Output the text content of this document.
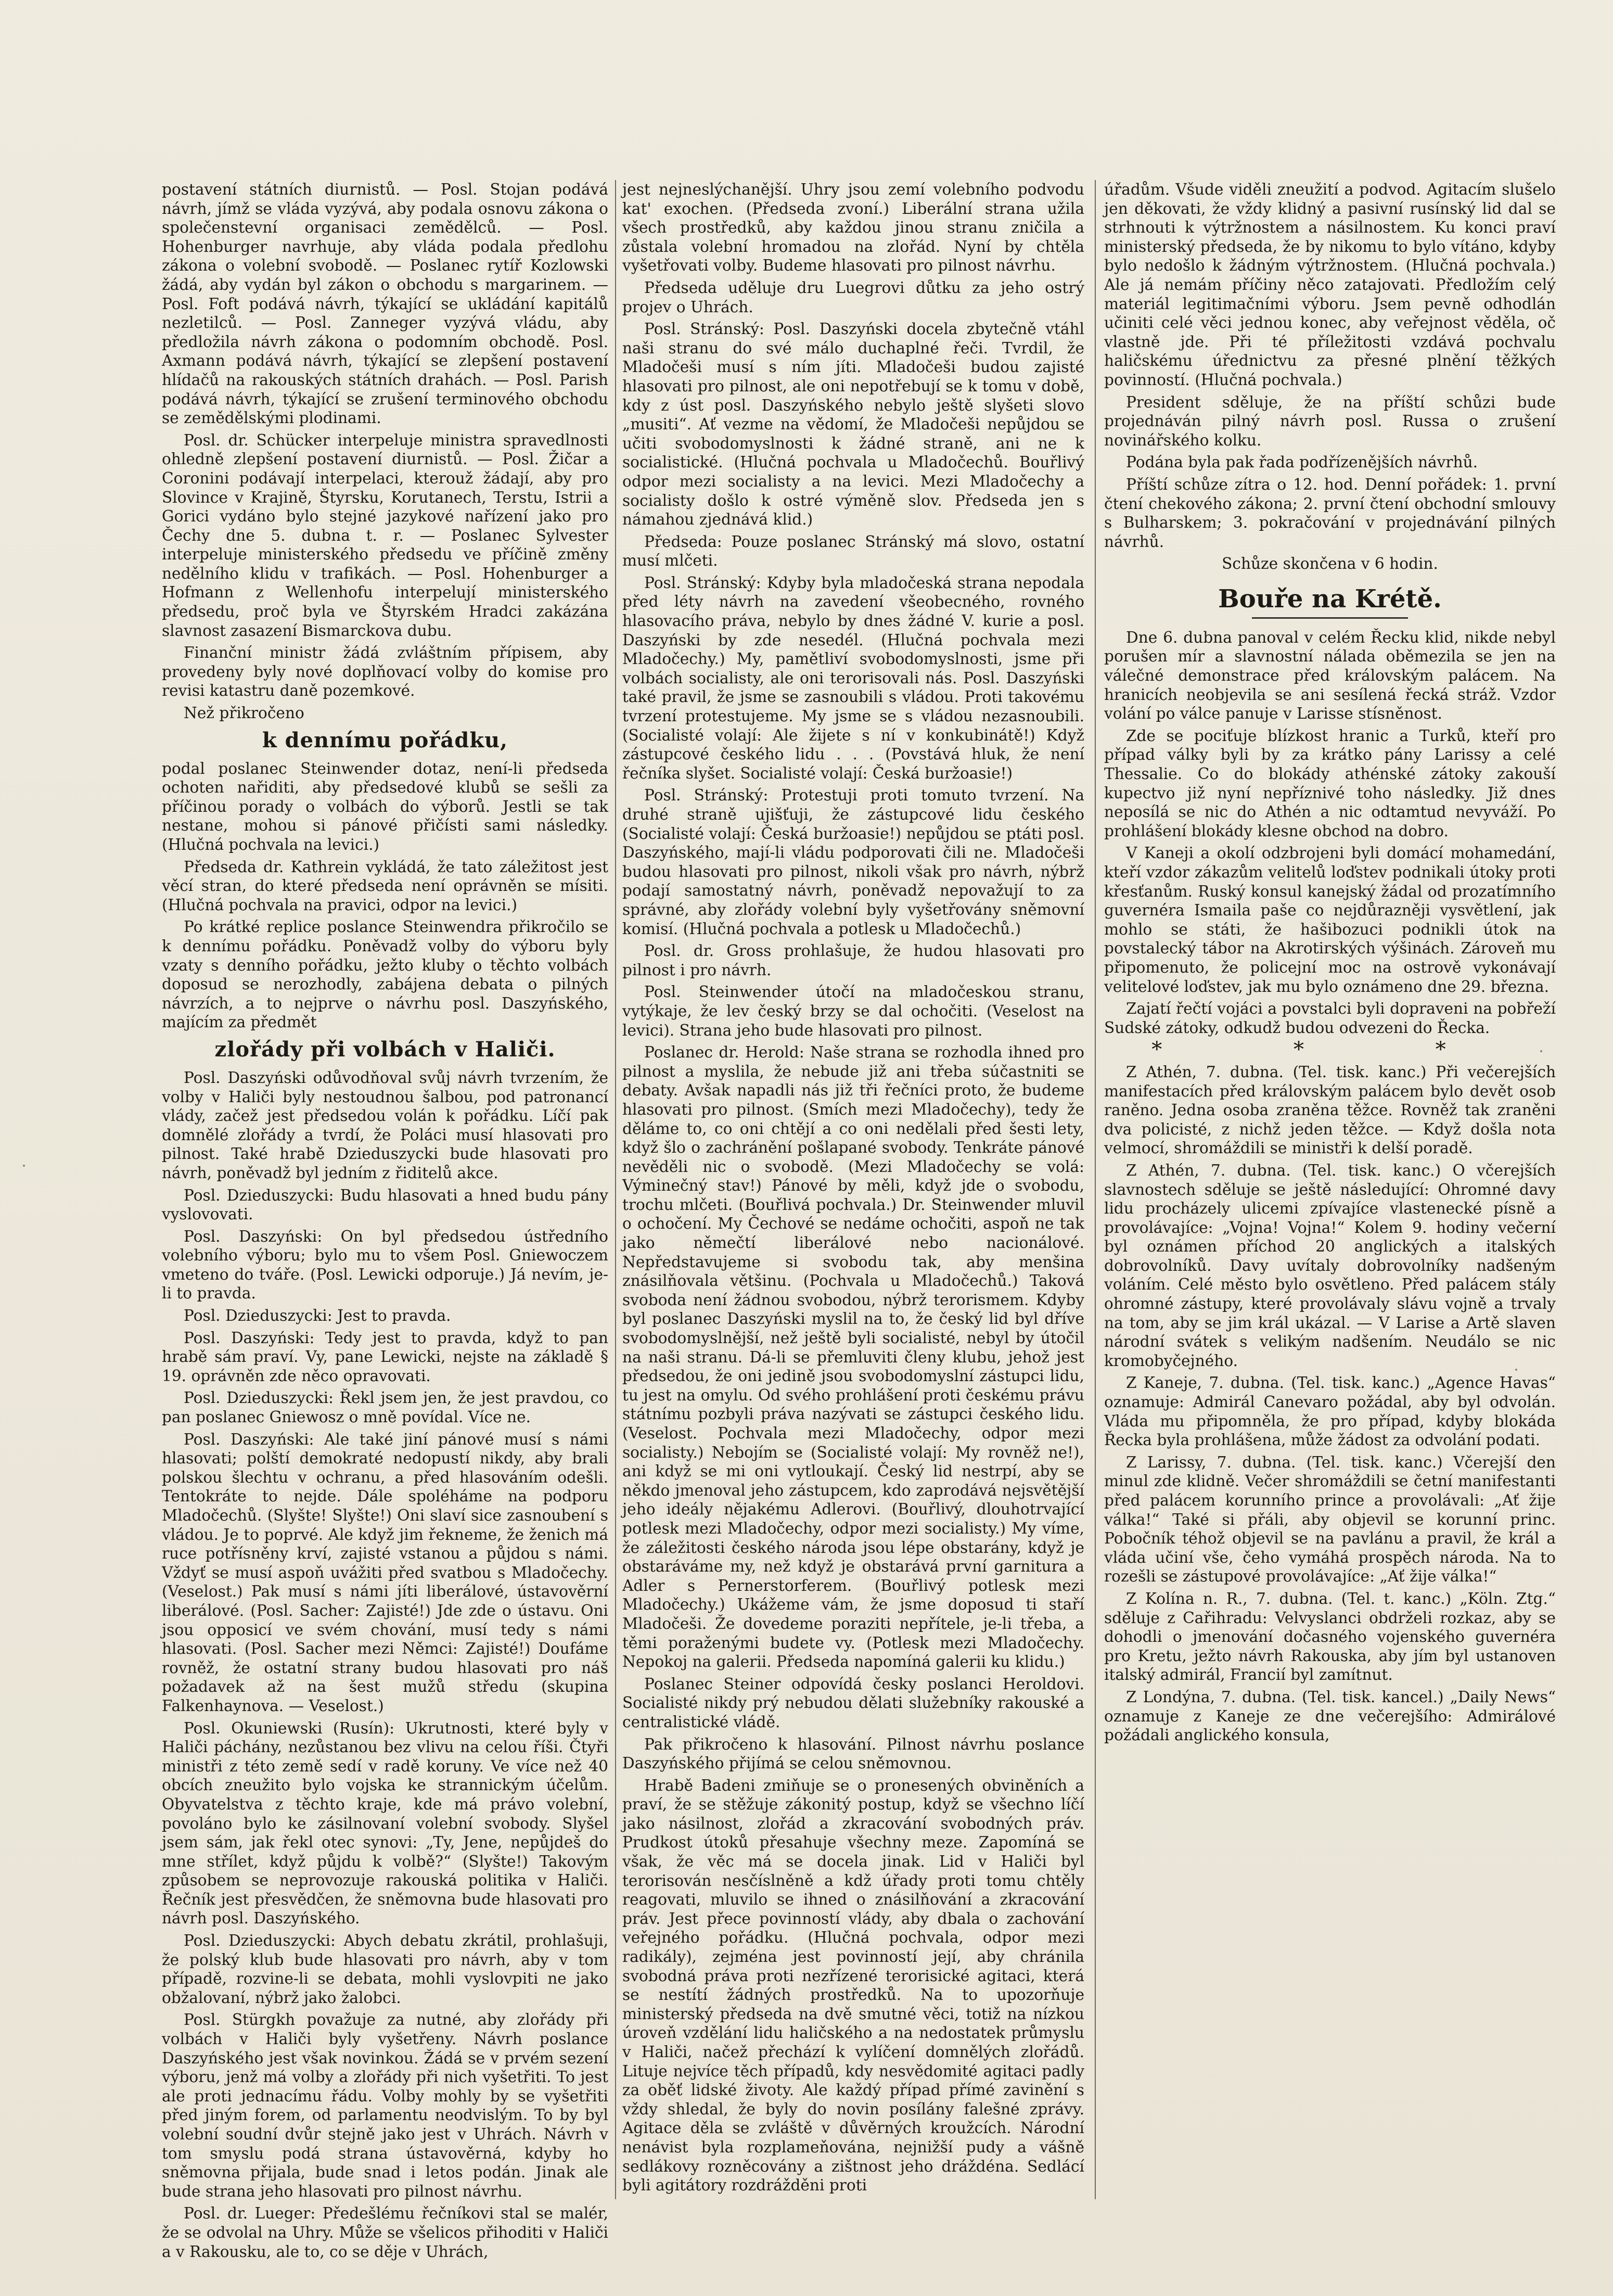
postavení státních diurnistů. — Posl. Stojan podává návrh, jímž se vláda vyzývá, aby podala osnovu zákona o společenstevní organisaci zemědělců. — Posl. Hohenburger navrhuje, aby vláda podala předlohu zákona o volební svobodě. — Poslanec rytíř Kozlowski žádá, aby vydán byl zákon o obchodu s margarinem. — Posl. Foft podává návrh, týkající se ukládání kapitálů nezletilců. — Posl. Zanneger vyzývá vládu, aby předložila návrh zákona o podomním obchodě. Posl. Axmann podává návrh, týkající se zlepšení postavení hlídačů na rakouských státních drahách. — Posl. Parish podává návrh, týkající se zrušení terminového obchodu se zemědělskými plodinami.

Posl. dr. Schücker interpeluje ministra spravedlnosti ohledně zlepšení postavení diurnistů. — Posl. Žičar a Coronini podávají interpelaci, kterouž žádají, aby pro Slovince v Krajině, Štyrsku, Korutanech, Terstu, Istrii a Gorici vydáno bylo stejné jazykové nařízení jako pro Čechy dne 5. dubna t. r. — Poslanec Sylvester interpeluje ministerského předsedu ve příčině změny nedělního klidu v trafikách. — Posl. Hohenburger a Hofmann z Wellenhofu interpelují ministerského předsedu, proč byla ve Štyrském Hradci zakázána slavnost zasazení Bismarckova dubu.

Finanční ministr žádá zvláštním přípisem, aby provedeny byly nové doplňovací volby do komise pro revisi katastru daně pozemkové.

Než přikročeno

k dennímu pořádku,

podal poslanec Steinwender dotaz, není-li předseda ochoten nařiditi, aby předsedové klubů se sešli za příčinou porady o volbách do výborů. Jestli se tak nestane, mohou si pánové přičísti sami následky. (Hlučná pochvala na levici.)

Předseda dr. Kathrein vykládá, že tato záležitost jest věcí stran, do které předseda není oprávněn se mísiti. (Hlučná pochvala na pravici, odpor na levici.)

Po krátké replice poslance Steinwendra přikročilo se k dennímu pořádku. Poněvadž volby do výboru byly vzaty s denního pořádku, ježto kluby o těchto volbách doposud se nerozhodly, zabájena debata o pilných návrzích, a to nejprve o návrhu posl. Daszyńského, majícím za předmět

zlořády při volbách v Haliči.

Posl. Daszyński odůvodňoval svůj návrh tvrzením, že volby v Haliči byly nestoudnou šalbou, pod patronancí vlády, začež jest předsedou volán k pořádku. Líčí pak domnělé zlořády a tvrdí, že Poláci musí hlasovati pro pilnost. Také hrabě Dzieduszycki bude hlasovati pro návrh, poněvadž byl jedním z řiditelů akce.

Posl. Dzieduszycki: Budu hlasovati a hned budu pány vyslovovati.

Posl. Daszyński: On byl předsedou ústředního volebního výboru; bylo mu to všem Posl. Gniewoczem vmeteno do tváře. (Posl. Lewicki odporuje.) Já nevím, je-li to pravda.

Posl. Dzieduszycki: Jest to pravda.

Posl. Daszyński: Tedy jest to pravda, když to pan hrabě sám praví. Vy, pane Lewicki, nejste na základě § 19. oprávněn zde něco opravovati.

Posl. Dzieduszycki: Řekl jsem jen, že jest pravdou, co pan poslanec Gniewosz o mně povídal. Více ne.

Posl. Daszyński: Ale také jiní pánové musí s námi hlasovati; polští demokraté nedopustí nikdy, aby brali polskou šlechtu v ochranu, a před hlasováním odešli. Tentokráte to nejde. Dále spoléháme na podporu Mladočechů. (Slyšte! Slyšte!) Oni slaví sice zasnoubení s vládou. Je to poprvé. Ale když jim řekneme, že ženich má ruce potřísněny krví, zajisté vstanou a půjdou s námi. Vždyť se musí aspoň uvážiti před svatbou s Mladočechy. (Veselost.) Pak musí s námi jíti liberálové, ústavověrní liberálové. (Posl. Sacher: Zajisté!) Jde zde o ústavu. Oni jsou opposicí ve svém chování, musí tedy s námi hlasovati. (Posl. Sacher mezi Němci: Zajisté!) Doufáme rovněž, že ostatní strany budou hlasovati pro náš požadavek až na šest mužů středu (skupina Falkenhaynova. — Veselost.)

Posl. Okuniewski (Rusín): Ukrutnosti, které byly v Haliči páchány, nezůstanou bez vlivu na celou říši. Čtyři ministři z této země sedí v radě koruny. Ve více než 40 obcích zneužito bylo vojska ke strannickým účelům. Obyvatelstva z těchto kraje, kde má právo volební, povoláno bylo ke zásilnovaní volební svobody. Slyšel jsem sám, jak řekl otec synovi: „Ty, Jene, nepůjdeš do mne střílet, když půjdu k volbě?“ (Slyšte!) Takovým způsobem se neprovozuje rakouská politika v Haliči. Řečník jest přesvědčen, že sněmovna bude hlasovati pro návrh posl. Daszyńského.

Posl. Dzieduszycki: Abych debatu zkrátil, prohlašuji, že polský klub bude hlasovati pro návrh, aby v tom případě, rozvine-li se debata, mohli vyslovpiti ne jako obžalovaní, nýbrž jako žalobci.

Posl. Stürgkh považuje za nutné, aby zlořády při volbách v Haliči byly vyšetřeny. Návrh poslance Daszyńského jest však novinkou. Žádá se v prvém sezení výboru, jenž má volby a zlořády při nich vyšetřiti. To jest ale proti jednacímu řádu. Volby mohly by se vyšetřiti před jiným forem, od parlamentu neodvislým. To by byl volební soudní dvůr stejně jako jest v Uhrách. Návrh v tom smyslu podá strana ústavověrná, kdyby ho sněmovna přijala, bude snad i letos podán. Jinak ale bude strana jeho hlasovati pro pilnost návrhu.

Posl. dr. Lueger: Předešlému řečníkovi stal se malér, že se odvolal na Uhry. Může se všelicos přihoditi v Haliči a v Rakousku, ale to, co se děje v Uhrách,

jest nejneslýchanější. Uhry jsou zemí volebního podvodu kat' exochen. (Předseda zvoní.) Liberální strana užila všech prostředků, aby každou jinou stranu zničila a zůstala volební hromadou na zlořád. Nyní by chtěla vyšetřovati volby. Budeme hlasovati pro pilnost návrhu.

Předseda uděluje dru Luegrovi důtku za jeho ostrý projev o Uhrách.

Posl. Stránský: Posl. Daszyński docela zbytečně vtáhl naši stranu do své málo duchaplné řeči. Tvrdil, že Mladočeši musí s ním jíti. Mladočeši budou zajisté hlasovati pro pilnost, ale oni nepotřebují se k tomu v době, kdy z úst posl. Daszyńského nebylo ještě slyšeti slovo „musiti“. Ať vezme na vědomí, že Mladočeši nepůjdou se učiti svobodomyslnosti k žádné straně, ani ne k socialistické. (Hlučná pochvala u Mladočechů. Bouřlivý odpor mezi socialisty a na levici. Mezi Mladočechy a socialisty došlo k ostré výměně slov. Předseda jen s námahou zjednává klid.)

Předseda: Pouze poslanec Stránský má slovo, ostatní musí mlčeti.

Posl. Stránský: Kdyby byla mladočeská strana nepodala před léty návrh na zavedení všeobecného, rovného hlasovacího práva, nebylo by dnes žádné V. kurie a posl. Daszyński by zde nesedél. (Hlučná pochvala mezi Mladočechy.) My, pamětliví svobodomyslnosti, jsme při volbách socialisty, ale oni terorisovali nás. Posl. Daszyński také pravil, že jsme se zasnoubili s vládou. Proti takovému tvrzení protestujeme. My jsme se s vládou nezasnoubili. (Socialisté volají: Ale žijete s ní v konkubinátě!) Když zástupcové českého lidu . . . (Povstává hluk, že není řečníka slyšet. Socialisté volají: Česká buržoasie!)

Posl. Stránský: Protestuji proti tomuto tvrzení. Na druhé straně ujišťuji, že zástupcové lidu českého (Socialisté volají: Česká buržoasie!) nepůjdou se ptáti posl. Daszyńského, mají-li vládu podporovati čili ne. Mladočeši budou hlasovati pro pilnost, nikoli však pro návrh, nýbrž podají samostatný návrh, poněvadž nepovažují to za správné, aby zlořády volební byly vyšetřovány sněmovní komisí. (Hlučná pochvala a potlesk u Mladočechů.)

Posl. dr. Gross prohlašuje, že hudou hlasovati pro pilnost i pro návrh.

Posl. Steinwender útočí na mladočeskou stranu, vytýkaje, že lev český brzy se dal ochočiti. (Veselost na levici). Strana jeho bude hlasovati pro pilnost.

Poslanec dr. Herold: Naše strana se rozhodla ihned pro pilnost a myslila, že nebude již ani třeba súčastniti se debaty. Avšak napadli nás již tři řečníci proto, že budeme hlasovati pro pilnost. (Smích mezi Mladočechy), tedy že děláme to, co oni chtějí a co oni nedělali před šesti lety, když šlo o zachránění pošlapané svobody. Tenkráte pánové nevěděli nic o svobodě. (Mezi Mladočechy se volá: Výminečný stav!) Pánové by měli, když jde o svobodu, trochu mlčeti. (Bouřlivá pochvala.) Dr. Steinwender mluvil o ochočení. My Čechové se nedáme ochočiti, aspoň ne tak jako němečtí liberálové nebo nacionálové. Nepředstavujeme si svobodu tak, aby menšina znásilňovala většinu. (Pochvala u Mladočechů.) Taková svoboda není žádnou svobodou, nýbrž terorismem. Kdyby byl poslanec Daszyński myslil na to, že český lid byl dříve svobodomyslnější, než ještě byli socialisté, nebyl by útočil na naši stranu. Dá-li se přemluviti členy klubu, jehož jest předsedou, že oni jedině jsou svobodomyslní zástupci lidu, tu jest na omylu. Od svého prohlášení proti českému právu státnímu pozbyli práva nazývati se zástupci českého lidu. (Veselost. Pochvala mezi Mladočechy, odpor mezi socialisty.) Nebojím se (Socialisté volají: My rovněž ne!), ani když se mi oni vytloukají. Český lid nestrpí, aby se někdo jmenoval jeho zástupcem, kdo zaprodává nejsvětější jeho ideály nějakému Adlerovi. (Bouřlivý, dlouhotrvající potlesk mezi Mladočechy, odpor mezi socialisty.) My víme, že záležitosti českého národa jsou lépe obstarány, když je obstaráváme my, než když je obstarává první garnitura a Adler s Pernerstorferem. (Bouřlivý potlesk mezi Mladočechy.) Ukážeme vám, že jsme doposud ti staří Mladočeši. Že dovedeme poraziti nepřítele, je-li třeba, a těmi poraženými budete vy. (Potlesk mezi Mladočechy. Nepokoj na galerii. Předseda napomíná galerii ku klidu.)

Poslanec Steiner odpovídá česky poslanci Heroldovi. Socialisté nikdy prý nebudou dělati služebníky rakouské a centralistické vládě.

Pak přikročeno k hlasování. Pilnost návrhu poslance Daszyńského přijímá se celou sněmovnou.

Hrabě Badeni zmiňuje se o pronesených obviněních a praví, že se stěžuje zákonitý postup, když se všechno líčí jako násilnost, zlořád a zkracování svobodných práv. Prudkost útoků přesahuje všechny meze. Zapomíná se však, že věc má se docela jinak. Lid v Haliči byl terorisován nesčíslněně a kdž úřady proti tomu chtěly reagovati, mluvilo se ihned o znásilňování a zkracování práv. Jest přece povinností vlády, aby dbala o zachování veřejného pořádku. (Hlučná pochvala, odpor mezi radikály), zejména jest povinností její, aby chránila svobodná práva proti nezřízené terorisické agitaci, která se nestítí žádných prostředků. Na to upozorňuje ministerský předseda na dvě smutné věci, totiž na nízkou úroveň vzdělání lidu haličského a na nedostatek průmyslu v Haliči, načež přechází k vylíčení domnělých zlořádů. Lituje nejvíce těch případů, kdy nesvědomité agitaci padly za oběť lidské životy. Ale každý případ přímé zavinění s vždy shledal, že byly do novin posílány falešné zprávy. Agitace děla se zvláště v důvěrných kroužcích. Národní nenávist byla rozplameňována, nejnižší pudy a vášně sedlákovy rozněcovány a zištnost jeho dráždéna. Sedlácí byli agitátory rozdrážděni proti

úřadům. Všude viděli zneužití a podvod. Agitacím slušelo jen děkovati, že vždy klidný a pasivní rusínský lid dal se strhnouti k výtržnostem a násilnostem. Ku konci praví ministerský předseda, že by nikomu to bylo vítáno, kdyby bylo nedošlo k žádným výtržnostem. (Hlučná pochvala.) Ale já nemám příčiny něco zatajovati. Předložím celý materiál legitimačními výboru. Jsem pevně odhodlán učiniti celé věci jednou konec, aby veřejnost věděla, oč vlastně jde. Při té příležitosti vzdává pochvalu haličskému úřednictvu za přesné plnění těžkých povinností. (Hlučná pochvala.)

President sděluje, že na příští schůzi bude projednáván pilný návrh posl. Russa o zrušení novinářského kolku.

Podána byla pak řada podřízenějších návrhů.

Příští schůze zítra o 12. hod. Denní pořádek: 1. první čtení chekového zákona; 2. první čtení obchodní smlouvy s Bulharskem; 3. pokračování v projednávání pilných návrhů.

Schůze skončena v 6 hodin.

Bouře na Krétě.

Dne 6. dubna panoval v celém Řecku klid, nikde nebyl porušen mír a slavnostní nálada oběmezila se jen na válečné demonstrace před královským palácem. Na hranicích neobjevila se ani sesílená řecká stráž. Vzdor volání po válce panuje v Larisse stísněnost.

Zde se pociťuje blízkost hranic a Turků, kteří pro případ války byli by za krátko pány Larissy a celé Thessalie. Co do blokády athénské zátoky zakouší kupectvo již nyní nepříznivé toho následky. Již dnes neposílá se nic do Athén a nic odtamtud nevyváží. Po prohlášení blokády klesne obchod na dobro.

V Kaneji a okolí odzbrojeni byli domácí mohamedání, kteří vzdor zákazům velitelů loďstev podnikali útoky proti křesťanům. Ruský konsul kanejský žádal od prozatímního guvernéra Ismaila paše co nejdůrazněji vysvětlení, jak mohlo se státi, že hašibozuci podnikli útok na povstalecký tábor na Akrotirských výšinách. Zároveň mu připomenuto, že policejní moc na ostrově vykonávají velitelové loďstev, jak mu bylo oznámeno dne 29. března.

Zajatí řečtí vojáci a povstalci byli dopraveni na pobřeží Sudské zátoky, odkudž budou odvezeni do Řecka.

* * *

Z Athén, 7. dubna. (Tel. tisk. kanc.) Při večerejších manifestacích před královským palácem bylo devět osob raněno. Jedna osoba zraněna těžce. Rovněž tak zraněni dva policisté, z nichž jeden těžce. — Když došla nota velmocí, shromáždili se ministři k delší poradě.

Z Athén, 7. dubna. (Tel. tisk. kanc.) O včerejších slavnostech sděluje se ještě následující: Ohromné davy lidu procházely ulicemi zpívajíce vlastenecké písně a provolávajíce: „Vojna! Vojna!“ Kolem 9. hodiny večerní byl oznámen příchod 20 anglických a italských dobrovolníků. Davy uvítaly dobrovolníky nadšeným voláním. Celé město bylo osvětleno. Před palácem stály ohromné zástupy, které provolávaly slávu vojně a trvaly na tom, aby se jim král ukázal. — V Larise a Artě slaven národní svátek s velikým nadšením. Neudálo se nic kromobyčejného.

Z Kaneje, 7. dubna. (Tel. tisk. kanc.) „Agence Havas“ oznamuje: Admirál Canevaro požádal, aby byl odvolán. Vláda mu připomněla, že pro případ, kdyby blokáda Řecka byla prohlášena, může žádost za odvolání podati.

Z Larissy, 7. dubna. (Tel. tisk. kanc.) Včerejší den minul zde klidně. Večer shromáždili se četní manifestanti před palácem korunního prince a provolávali: „Ať žije válka!“ Také si přáli, aby objevil se korunní princ. Pobočník téhož objevil se na pavlánu a pravil, že král a vláda učiní vše, čeho vymáhá prospěch národa. Na to rozešli se zástupové provolávajíce: „Ať žije válka!“

Z Kolína n. R., 7. dubna. (Tel. t. kanc.) „Köln. Ztg.“ sděluje z Cařihradu: Velvyslanci obdrželi rozkaz, aby se dohodli o jmenování dočasného vojenského guvernéra pro Kretu, ježto návrh Rakouska, aby jím byl ustanoven italský admirál, Francií byl zamítnut.

Z Londýna, 7. dubna. (Tel. tisk. kancel.) „Daily News“ oznamuje z Kaneje ze dne večerejšího: Admirálové požádali anglického konsula,
